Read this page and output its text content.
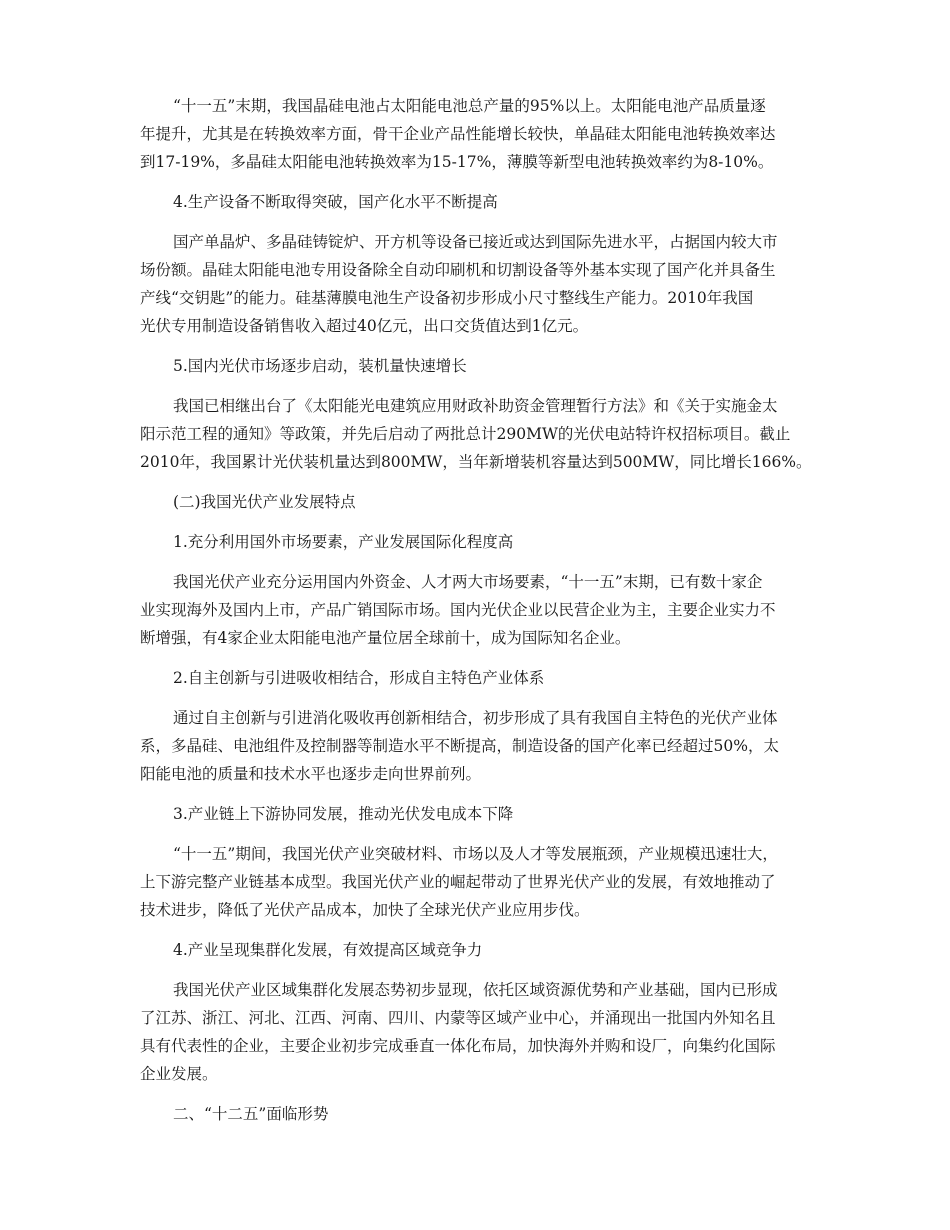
“十一五”末期，我国晶硅电池占太阳能电池总产量的95%以上。太阳能电池产品质量逐
年提升，尤其是在转换效率方面，骨干企业产品性能增长较快，单晶硅太阳能电池转换效率达
到17-19%，多晶硅太阳能电池转换效率为15-17%，薄膜等新型电池转换效率约为8-10%。
4.生产设备不断取得突破，国产化水平不断提高
国产单晶炉、多晶硅铸锭炉、开方机等设备已接近或达到国际先进水平，占据国内较大市
场份额。晶硅太阳能电池专用设备除全自动印刷机和切割设备等外基本实现了国产化并具备生
产线“交钥匙”的能力。硅基薄膜电池生产设备初步形成小尺寸整线生产能力。2010年我国
光伏专用制造设备销售收入超过40亿元，出口交货值达到1亿元。
5.国内光伏市场逐步启动，装机量快速增长
我国已相继出台了《太阳能光电建筑应用财政补助资金管理暂行方法》和《关于实施金太
阳示范工程的通知》等政策，并先后启动了两批总计290MW的光伏电站特许权招标项目。截止
2010年，我国累计光伏装机量达到800MW，当年新增装机容量达到500MW，同比增长166%。
(二)我国光伏产业发展特点
1.充分利用国外市场要素，产业发展国际化程度高
我国光伏产业充分运用国内外资金、人才两大市场要素，“十一五”末期，已有数十家企
业实现海外及国内上市，产品广销国际市场。国内光伏企业以民营企业为主，主要企业实力不
断增强，有4家企业太阳能电池产量位居全球前十，成为国际知名企业。
2.自主创新与引进吸收相结合，形成自主特色产业体系
通过自主创新与引进消化吸收再创新相结合，初步形成了具有我国自主特色的光伏产业体
系，多晶硅、电池组件及控制器等制造水平不断提高，制造设备的国产化率已经超过50%，太
阳能电池的质量和技术水平也逐步走向世界前列。
3.产业链上下游协同发展，推动光伏发电成本下降
“十一五”期间，我国光伏产业突破材料、市场以及人才等发展瓶颈，产业规模迅速壮大，
上下游完整产业链基本成型。我国光伏产业的崛起带动了世界光伏产业的发展，有效地推动了
技术进步，降低了光伏产品成本，加快了全球光伏产业应用步伐。
4.产业呈现集群化发展，有效提高区域竞争力
我国光伏产业区域集群化发展态势初步显现，依托区域资源优势和产业基础，国内已形成
了江苏、浙江、河北、江西、河南、四川、内蒙等区域产业中心，并涌现出一批国内外知名且
具有代表性的企业，主要企业初步完成垂直一体化布局，加快海外并购和设厂，向集约化国际
企业发展。
二、“十二五”面临形势
